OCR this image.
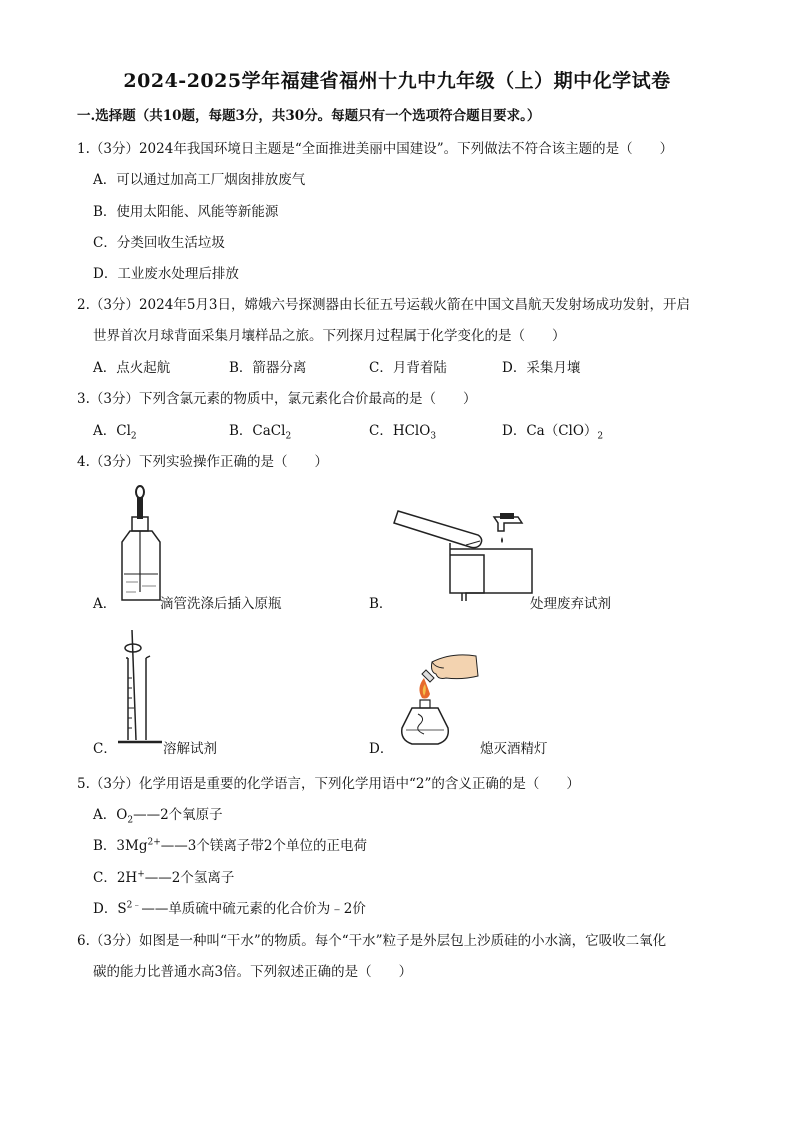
2024-2025学年福建省福州十九中九年级（上）期中化学试卷
一.选择题（共10题，每题3分，共30分。每题只有一个选项符合题目要求。）
1.（3分）2024年我国环境日主题是“全面推进美丽中国建设”。下列做法不符合该主题的是（　　）
A．可以通过加高工厂烟囱排放废气
B．使用太阳能、风能等新能源
C．分类回收生活垃圾
D．工业废水处理后排放
2.（3分）2024年5月3日，嫦娥六号探测器由长征五号运载火箭在中国文昌航天发射场成功发射，开启
世界首次月球背面采集月壤样品之旅。下列探月过程属于化学变化的是（　　）
A．点火起航	B．箭器分离	C．月背着陆	D．采集月壤
3.（3分）下列含氯元素的物质中，氯元素化合价最高的是（　　）
A．$Cl_2$	B．CaCl$_2$	C．HClO$_3$	D．$Ca(ClO)_2$
4.（3分）下列实验操作正确的是（　　）
A．	滴管洗涤后插入原瓶	B．	处理废弃试剂
C．	溶解试剂	D．	熄灭酒精灯
5.（3分）化学用语是重要的化学语言，下列化学用语中“2”的含义正确的是（　　）
A．$O_2——2$个氧原子
B．$3Mg^{2+}——3$个镁离子带2个单位的正电荷
C．2H+——2个氢离子
D．$S^{2﹣}——$单质硫中硫元素的化合价为﹣2价
6.（3分）如图是一种叫“干水”的物质。每个“干水”粒子是外层包上沙质硅的小水滴，它吸收二氧化
碳的能力比普通水高3倍。下列叙述正确的是（　　）
